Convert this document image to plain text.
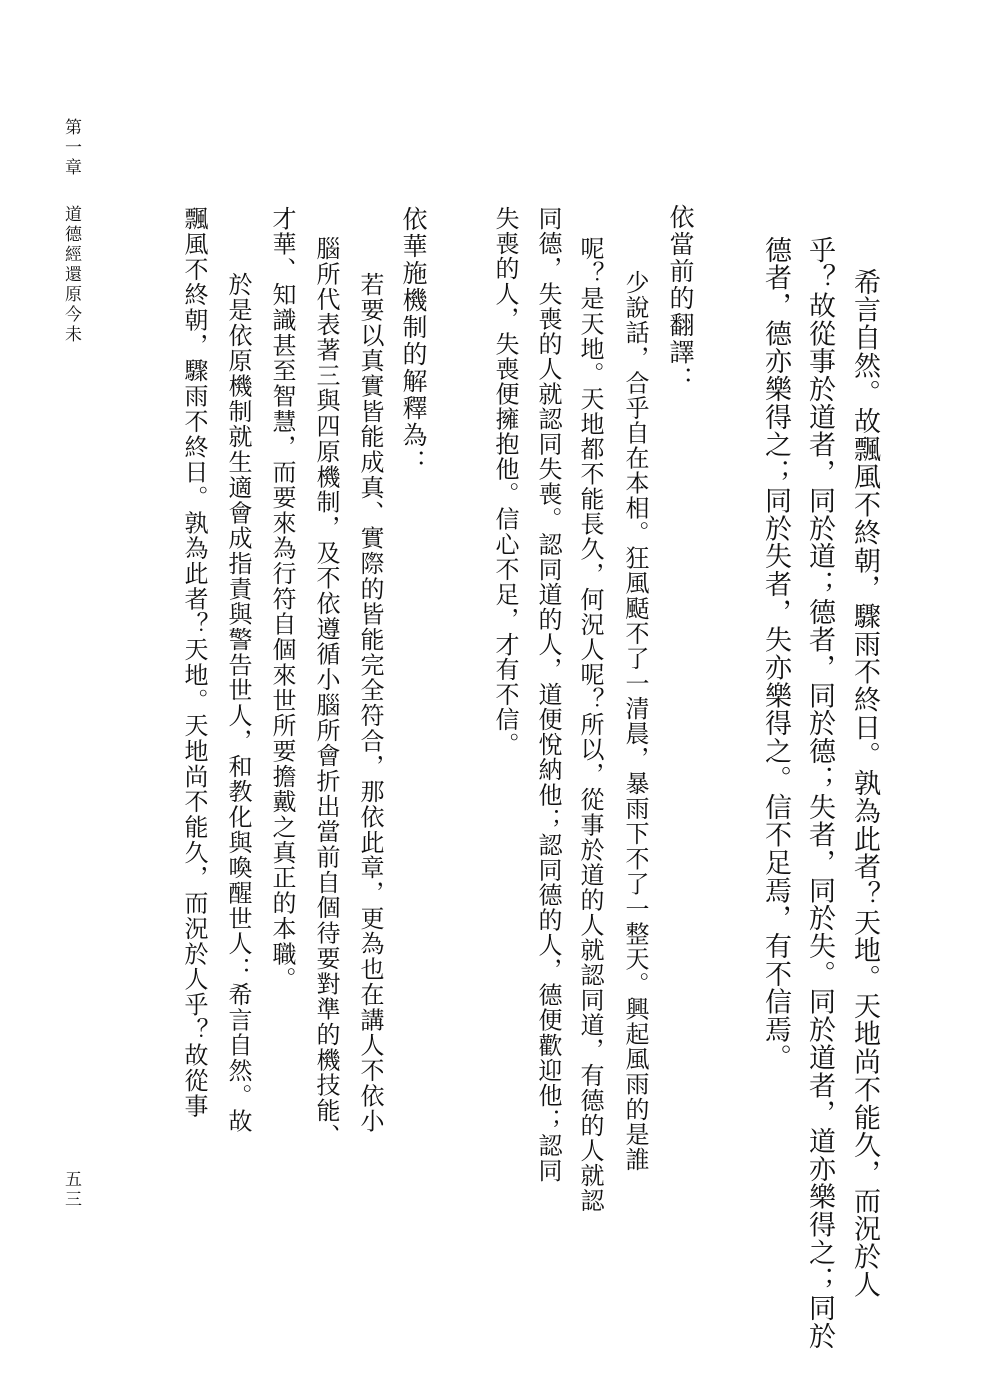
希言自然。故飄風不終朝，驟雨不終日。孰為此者？天地。天地尚不能久，而況於人
乎？故從事於道者，同於道；德者，同於德；失者，同於失。同於道者，道亦樂得之；同於
德者，德亦樂得之；同於失者，失亦樂得之。信不足焉，有不信焉。
依當前的翻譯：
少說話，合乎自在本相。狂風颳不了一清晨，暴雨下不了一整天。興起風雨的是誰
呢？是天地。天地都不能長久，何況人呢？所以，從事於道的人就認同道，有德的人就認
同德，失喪的人就認同失喪。認同道的人，道便悅納他；認同德的人，德便歡迎他；認同
失喪的人，失喪便擁抱他。信心不足，才有不信。
依華施機制的解釋為：
若要以真實皆能成真、實際的皆能完全符合，那依此章，更為也在講人不依小
腦所代表著三與四原機制，及不依遵循小腦所會折出當前自個待要對準的機技能、
才華、知識甚至智慧，而要來為行符自個來世所要擔戴之真正的本職。
於是依原機制就生適會成指責與警告世人，和教化與喚醒世人：希言自然。故
飄風不終朝，驟雨不終日。孰為此者？天地。天地尚不能久，而況於人乎？故從事
第一章
道德經還原今未
五三
